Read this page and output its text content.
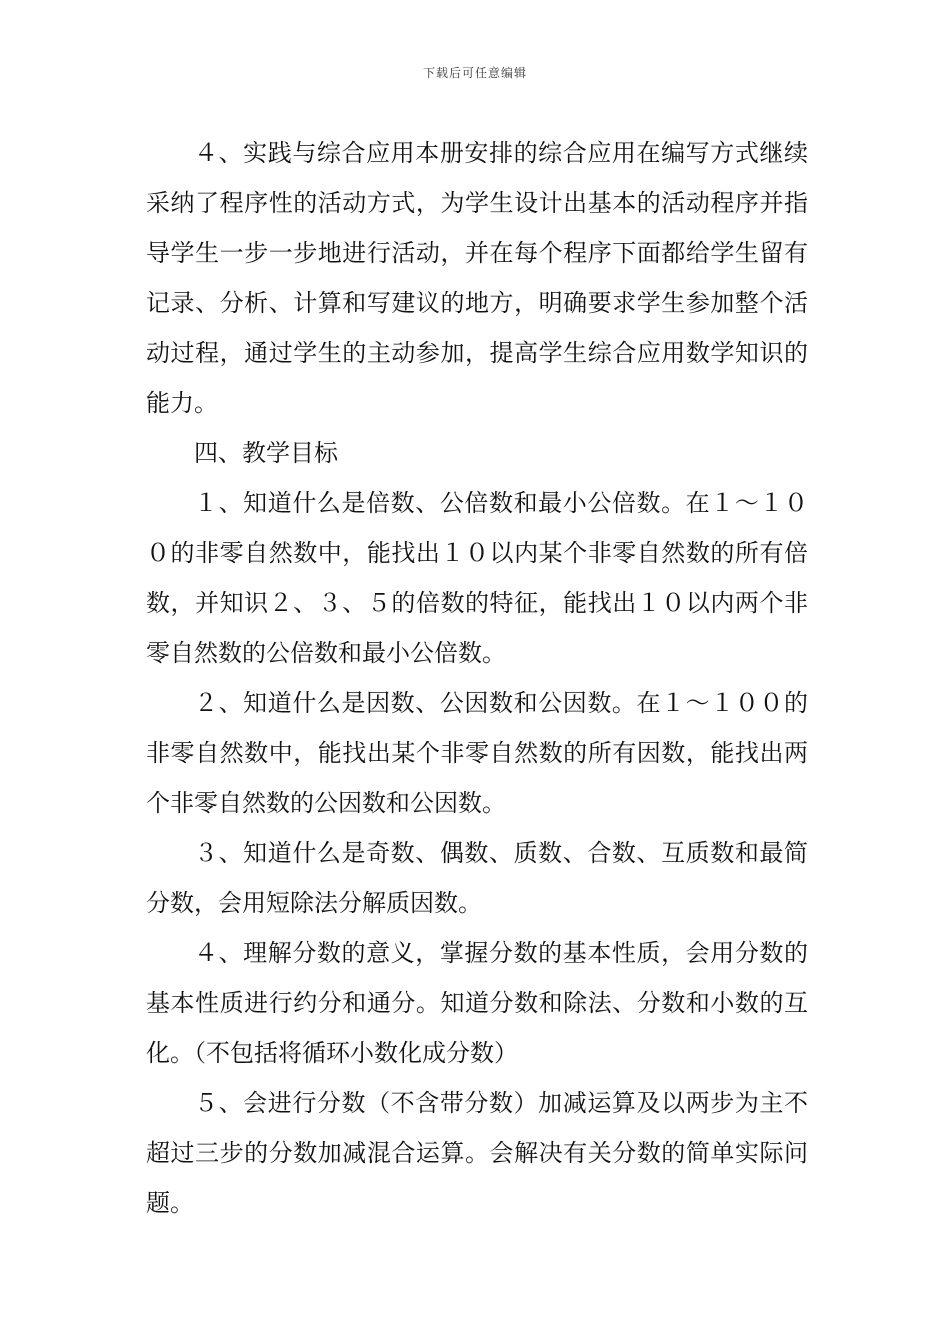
下载后可任意编辑

４、实践与综合应用本册安排的综合应用在编写方式继续采纳了程序性的活动方式，为学生设计出基本的活动程序并指导学生一步一步地进行活动，并在每个程序下面都给学生留有记录、分析、计算和写建议的地方，明确要求学生参加整个活动过程，通过学生的主动参加，提高学生综合应用数学知识的能力。

四、教学目标

１、知道什么是倍数、公倍数和最小公倍数。在１～１００的非零自然数中，能找出１０以内某个非零自然数的所有倍数，并知识２、３、５的倍数的特征，能找出１０以内两个非零自然数的公倍数和最小公倍数。

２、知道什么是因数、公因数和公因数。在１～１００的非零自然数中，能找出某个非零自然数的所有因数，能找出两个非零自然数的公因数和公因数。

３、知道什么是奇数、偶数、质数、合数、互质数和最简分数，会用短除法分解质因数。

４、理解分数的意义，掌握分数的基本性质，会用分数的基本性质进行约分和通分。知道分数和除法、分数和小数的互化。（不包括将循环小数化成分数）

５、会进行分数（不含带分数）加减运算及以两步为主不超过三步的分数加减混合运算。会解决有关分数的简单实际问题。
